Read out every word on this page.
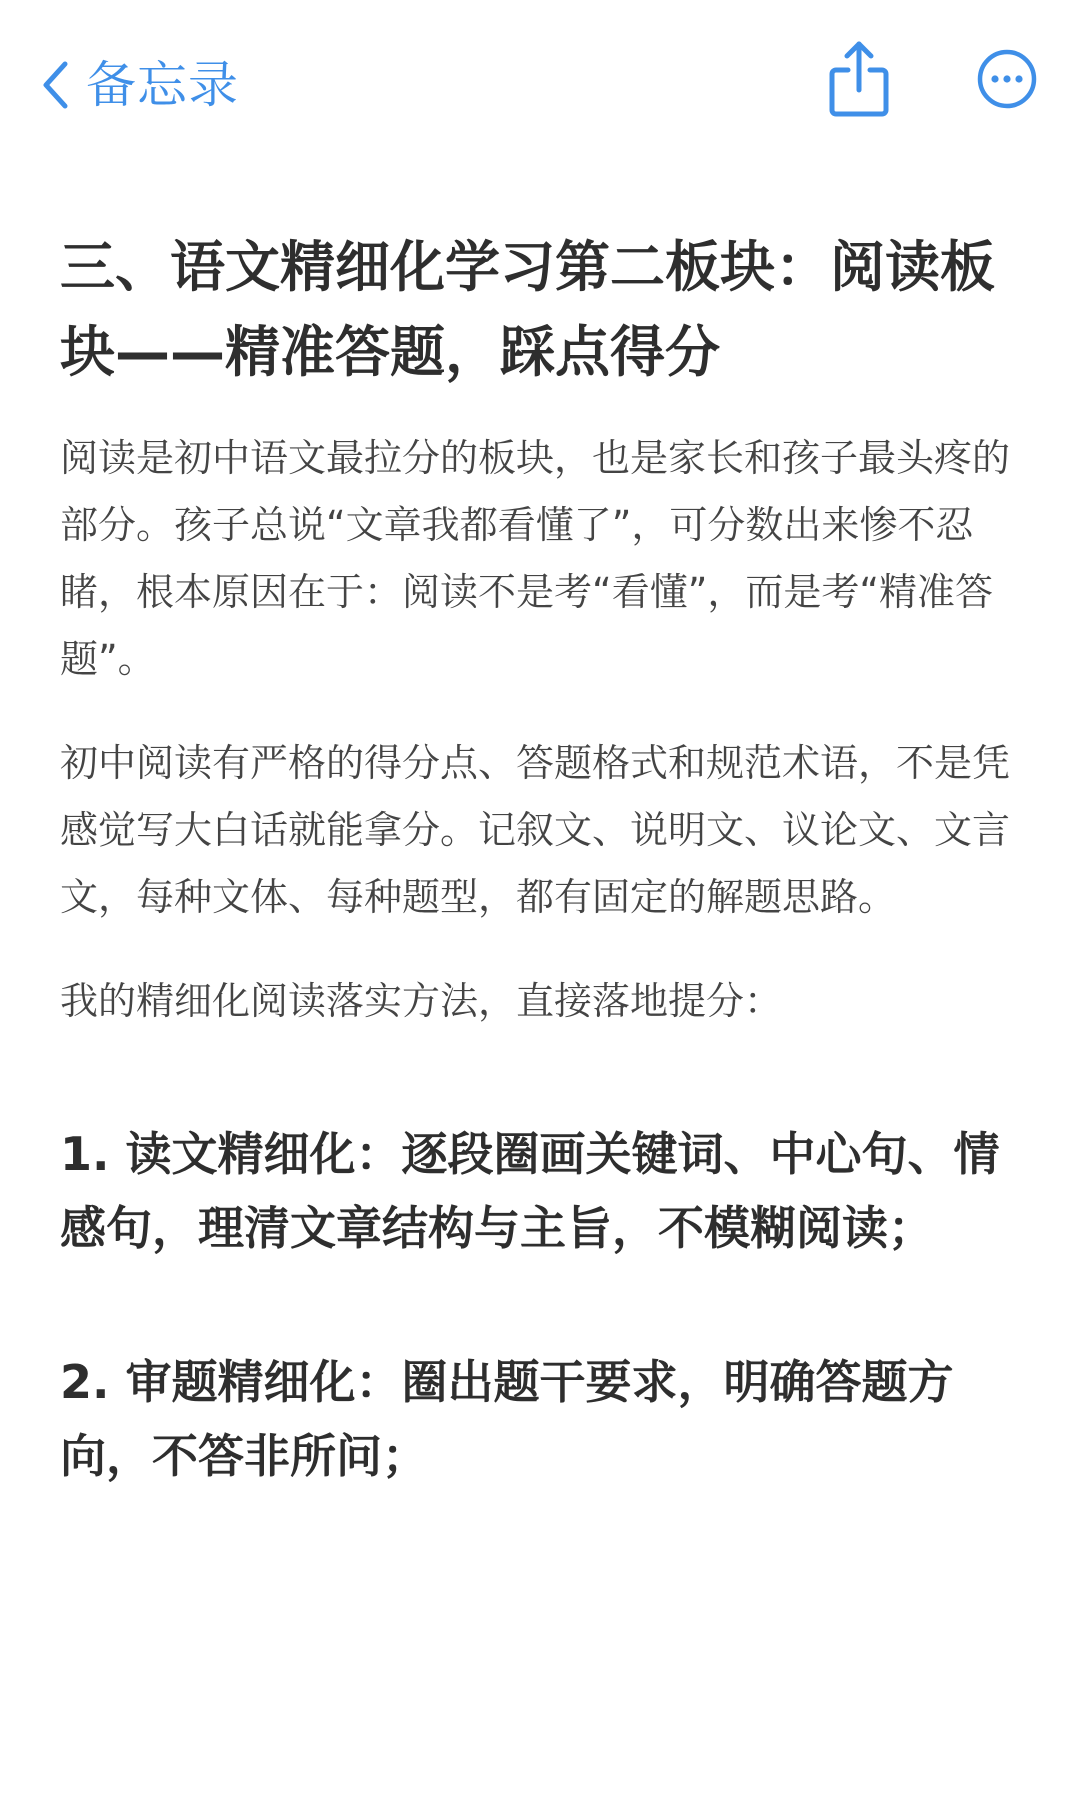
备忘录
三、语文精细化学习第二板块：阅读板块——精准答题，踩点得分

阅读是初中语文最拉分的板块，也是家长和孩子最头疼的部分。孩子总说“文章我都看懂了”，可分数出来惨不忍睹，根本原因在于：阅读不是考“看懂”，而是考“精准答题”。

初中阅读有严格的得分点、答题格式和规范术语，不是凭感觉写大白话就能拿分。记叙文、说明文、议论文、文言文，每种文体、每种题型，都有固定的解题思路。

我的精细化阅读落实方法，直接落地提分：

1. 读文精细化：逐段圈画关键词、中心句、情感句，理清文章结构与主旨，不模糊阅读；

2. 审题精细化：圈出题干要求，明确答题方向，不答非所问；
